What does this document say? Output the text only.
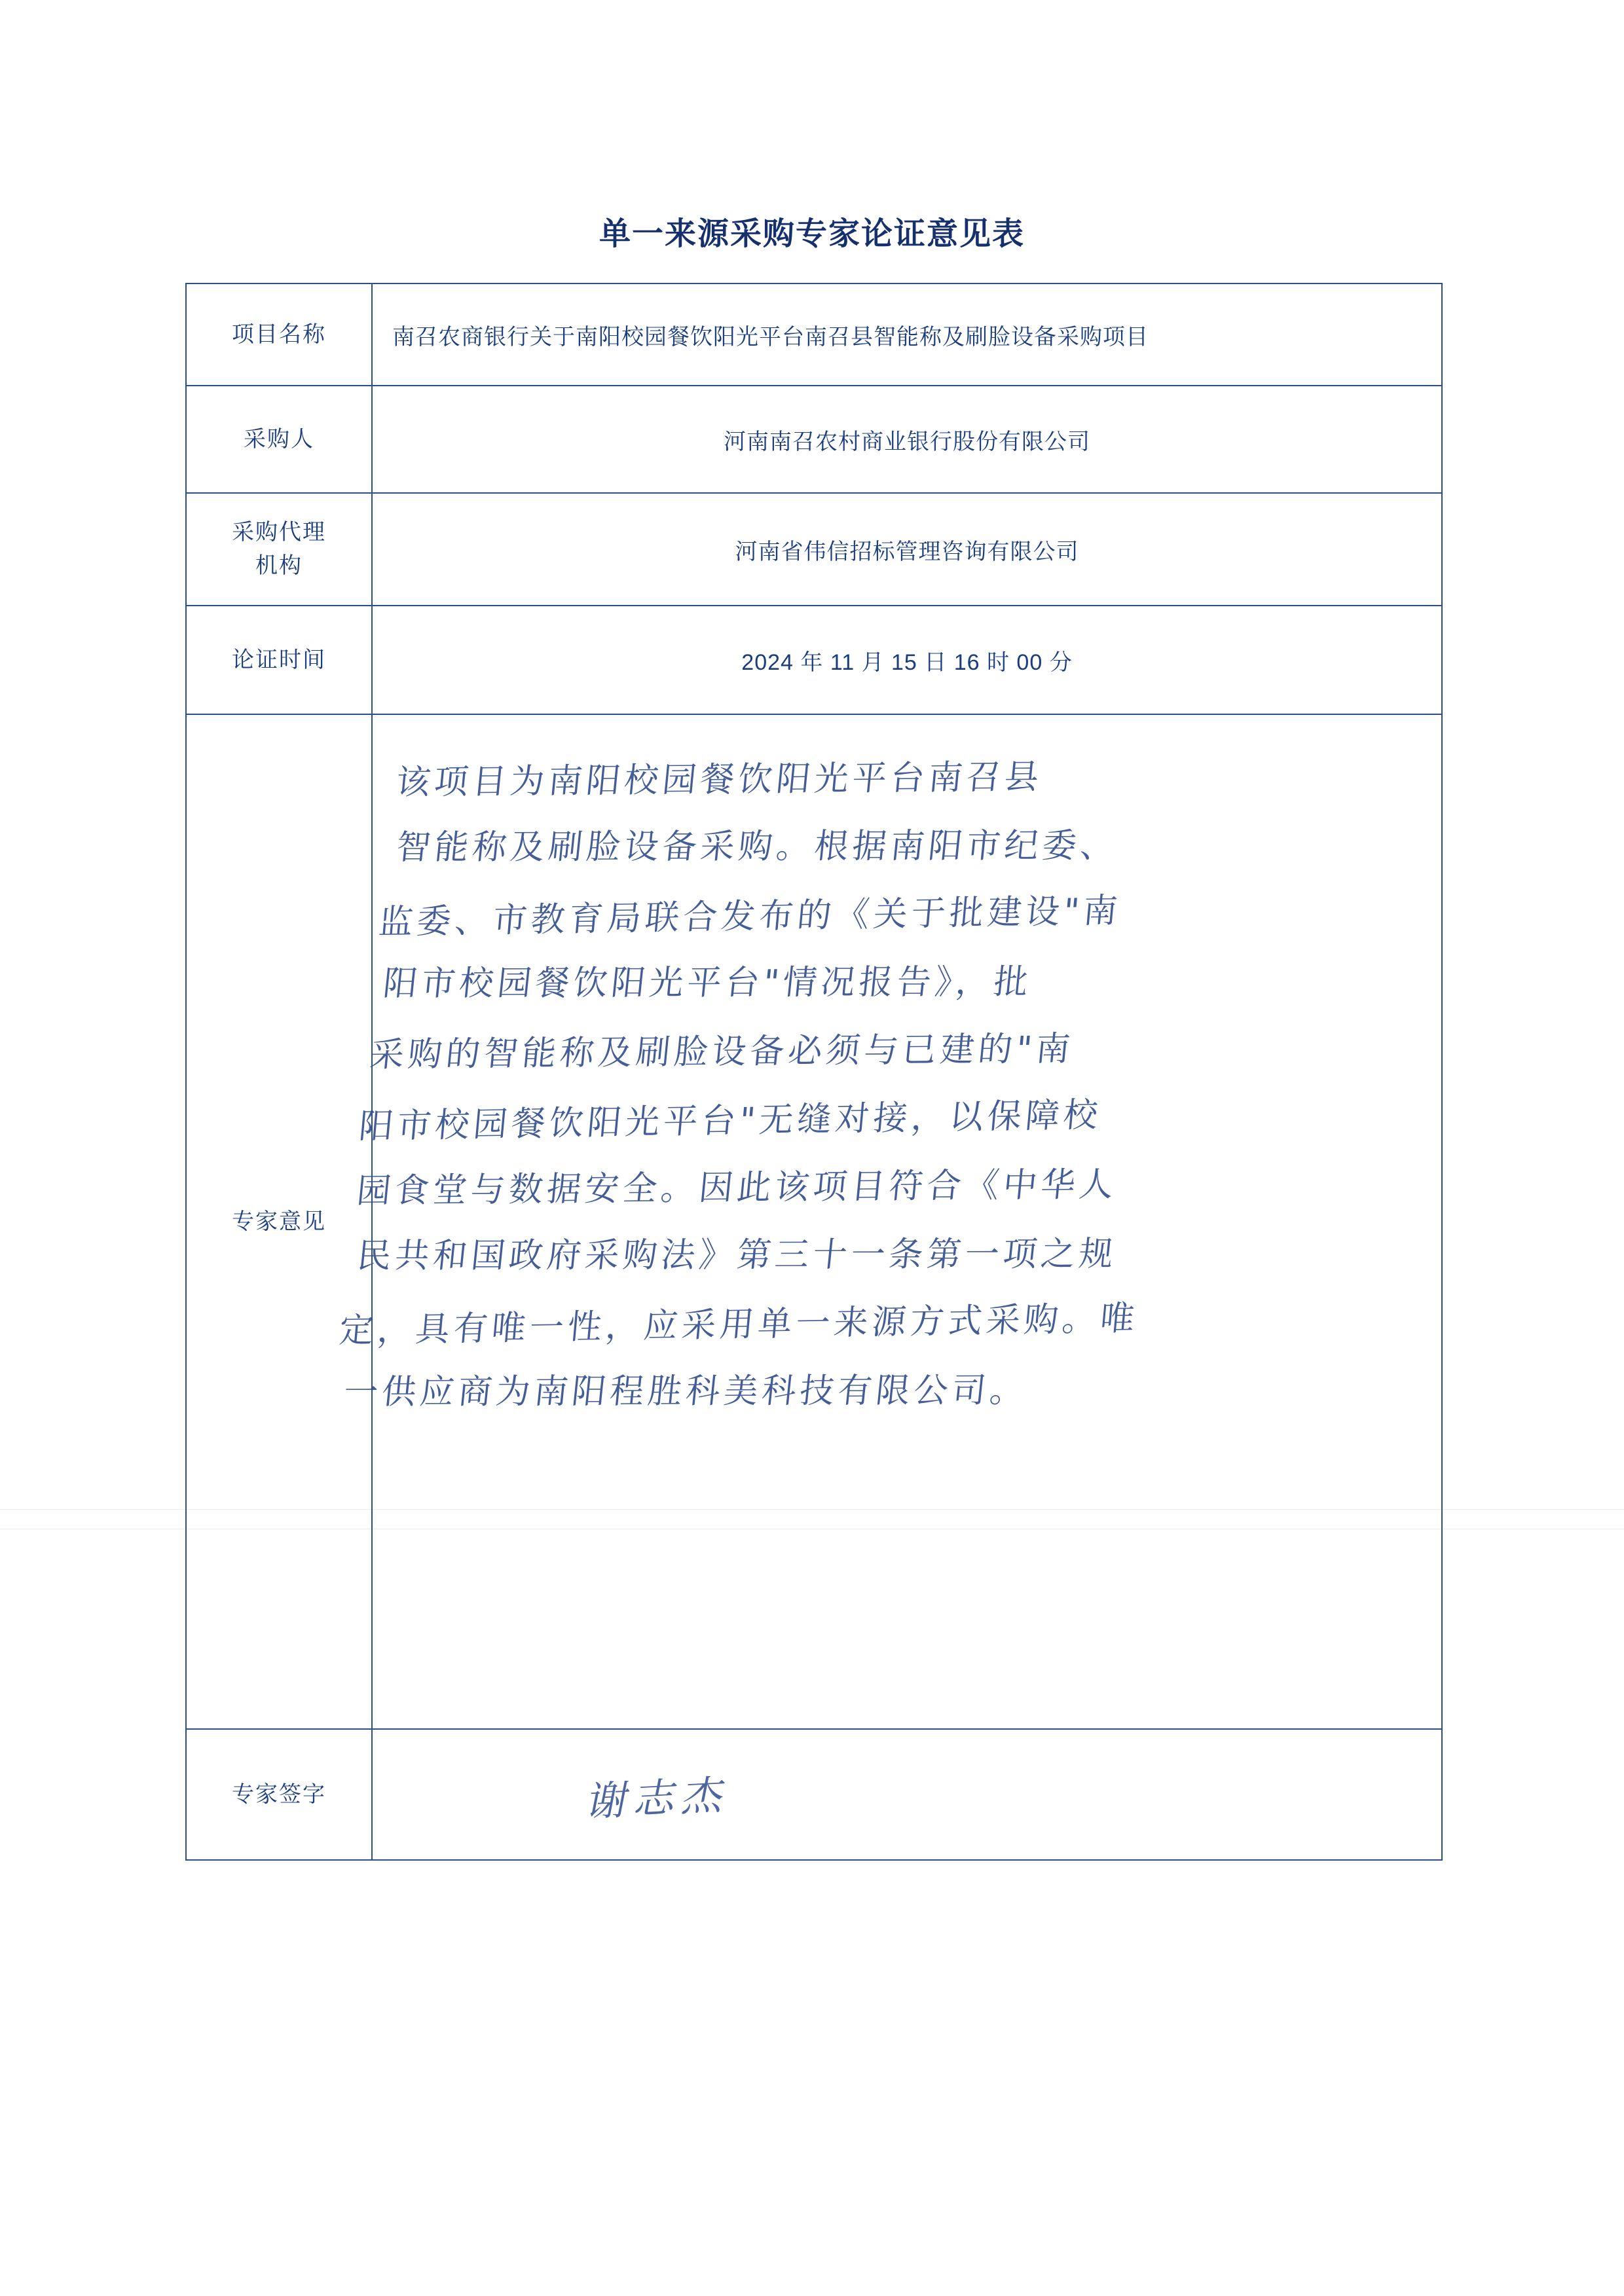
单一来源采购专家论证意见表
项目名称	南召农商银行关于南阳校园餐饮阳光平台南召县智能称及刷脸设备采购项目
采购人	河南南召农村商业银行股份有限公司

采购代理
机构	河南省伟信招标管理咨询有限公司
论证时间	2024 年 11 月 15 日 16 时 00 分
专家意见	
该项目为南阳校园餐饮阳光平台南召县
智能称及刷脸设备采购。根据南阳市纪委、
监委、市教育局联合发布的《关于批建设"南
阳市校园餐饮阳光平台"情况报告》，批
采购的智能称及刷脸设备必须与已建的"南
阳市校园餐饮阳光平台"无缝对接，以保障校
园食堂与数据安全。因此该项目符合《中华人
民共和国政府采购法》第三十一条第一项之规
定，具有唯一性，应采用单一来源方式采购。唯
一供应商为南阳程胜科美科技有限公司。

专家签字	谢志杰
